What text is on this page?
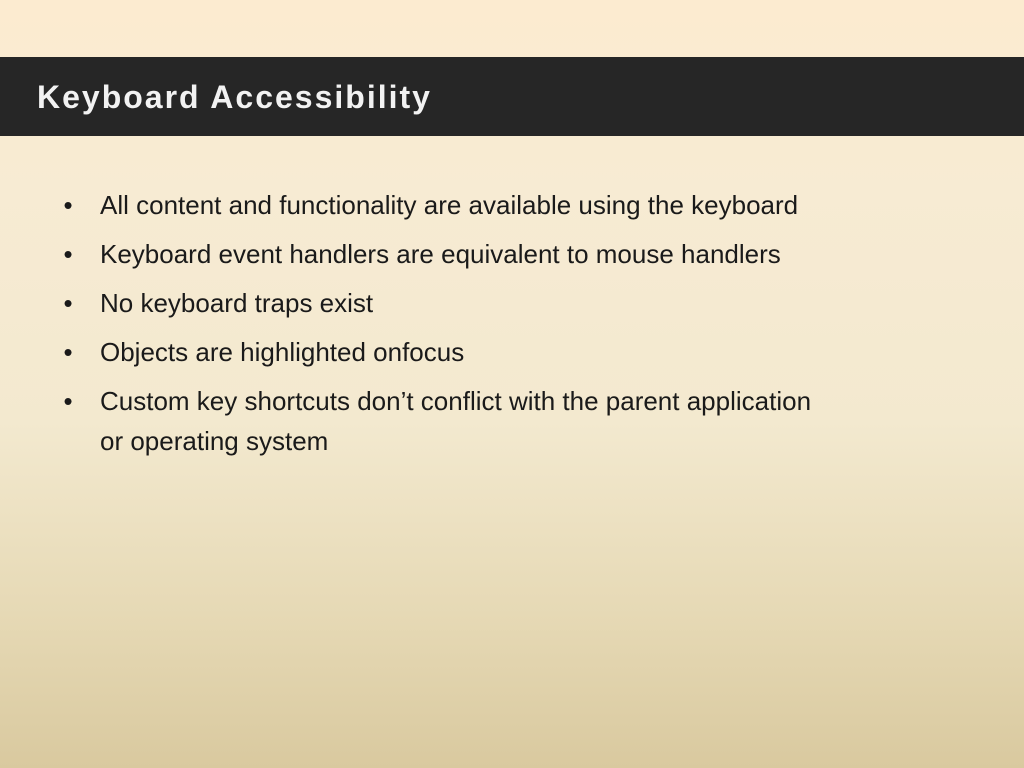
Keyboard Accessibility
• All content and functionality are available using the keyboard
• Keyboard event handlers are equivalent to mouse handlers
• No keyboard traps exist
• Objects are highlighted onfocus
• Custom key shortcuts don’t conflict with the parent application or operating system
